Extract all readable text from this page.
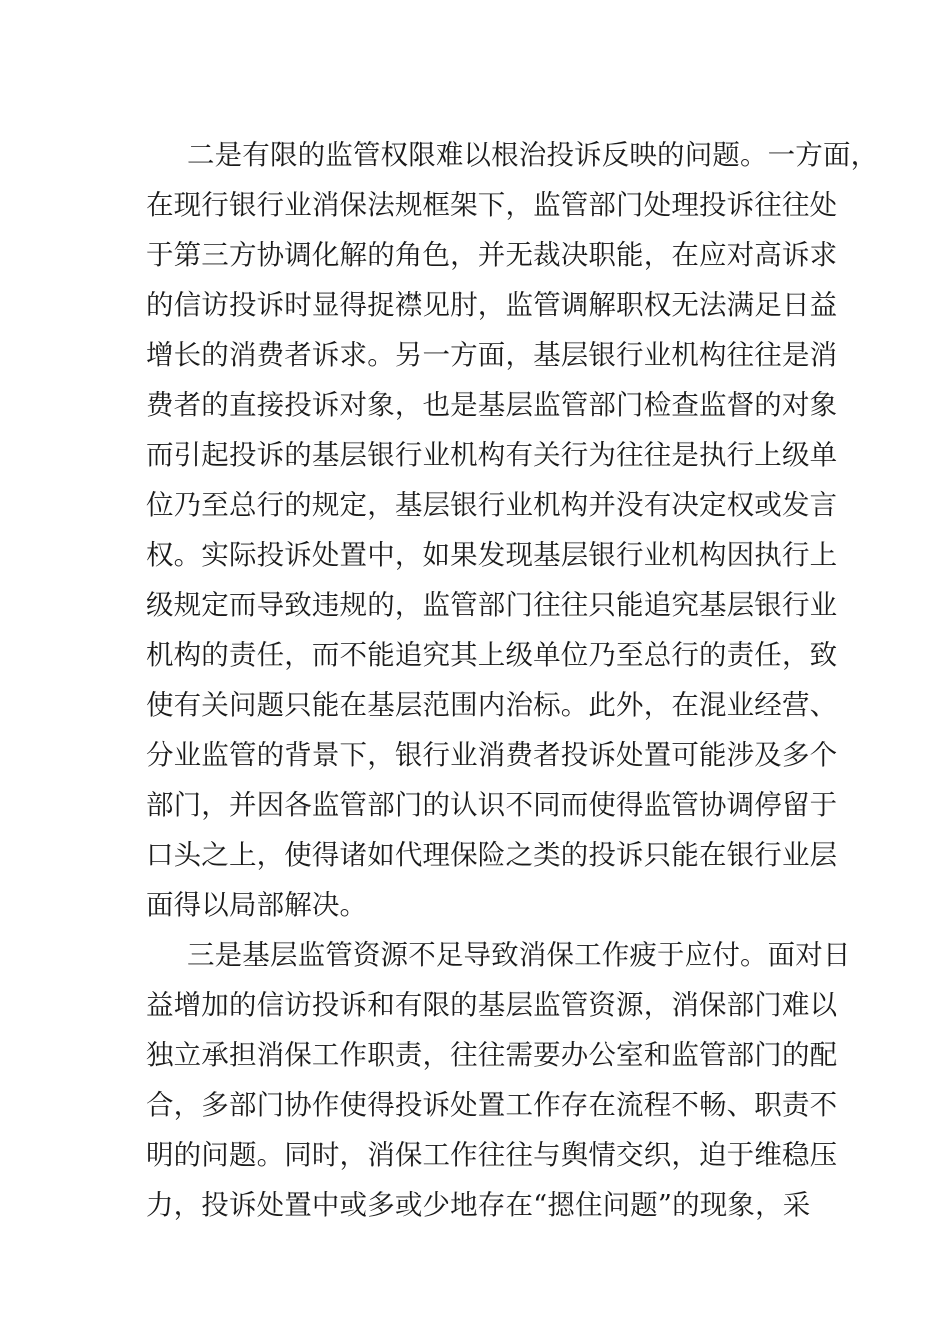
二是有限的监管权限难以根治投诉反映的问题。一方面，
在现行银行业消保法规框架下，监管部门处理投诉往往处
于第三方协调化解的角色，并无裁决职能，在应对高诉求
的信访投诉时显得捉襟见肘，监管调解职权无法满足日益
增长的消费者诉求。另一方面，基层银行业机构往往是消
费者的直接投诉对象，也是基层监管部门检查监督的对象
而引起投诉的基层银行业机构有关行为往往是执行上级单
位乃至总行的规定，基层银行业机构并没有决定权或发言
权。实际投诉处置中，如果发现基层银行业机构因执行上
级规定而导致违规的，监管部门往往只能追究基层银行业
机构的责任，而不能追究其上级单位乃至总行的责任，致
使有关问题只能在基层范围内治标。此外，在混业经营、
分业监管的背景下，银行业消费者投诉处置可能涉及多个
部门，并因各监管部门的认识不同而使得监管协调停留于
口头之上，使得诸如代理保险之类的投诉只能在银行业层
面得以局部解决。
三是基层监管资源不足导致消保工作疲于应付。面对日
益增加的信访投诉和有限的基层监管资源，消保部门难以
独立承担消保工作职责，往往需要办公室和监管部门的配
合，多部门协作使得投诉处置工作存在流程不畅、职责不
明的问题。同时，消保工作往往与舆情交织，迫于维稳压
力，投诉处置中或多或少地存在“摁住问题”的现象，采
